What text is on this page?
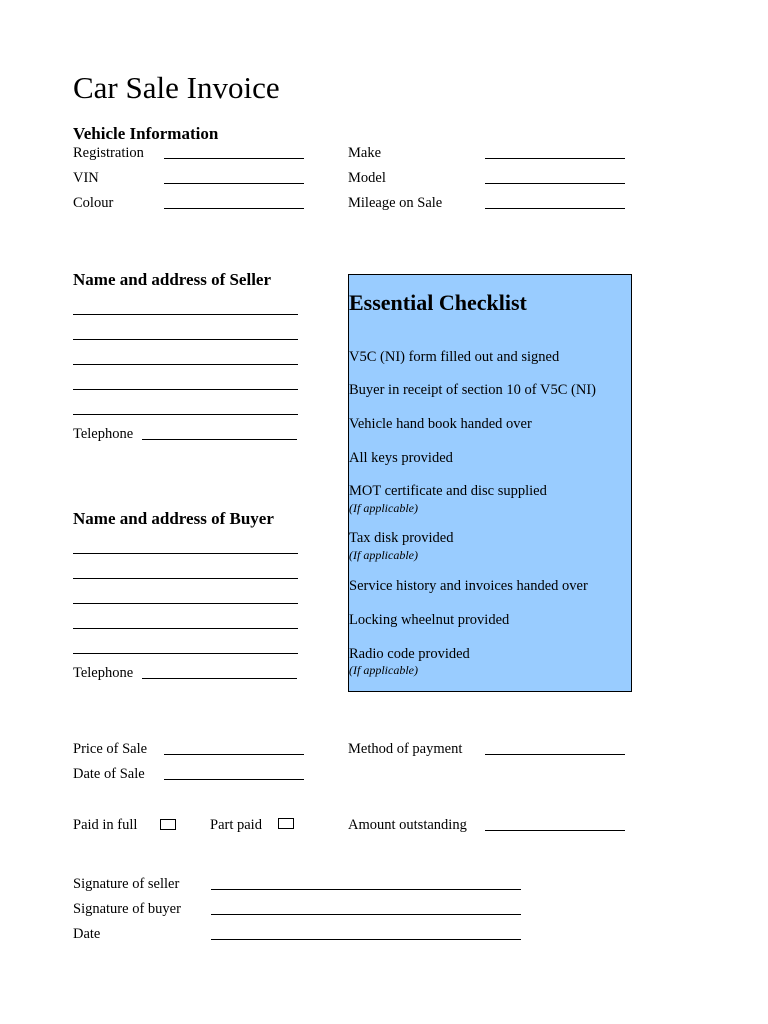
Car Sale Invoice
Vehicle Information
Registration
VIN
Colour
Make
Model
Mileage on Sale
Name and address of Seller
Telephone
Name and address of Buyer
Telephone
Essential Checklist
V5C (NI) form filled out and signed
Buyer in receipt of section 10 of V5C (NI)
Vehicle hand book handed over
All keys provided
MOT certificate and disc supplied
(If applicable)
Tax disk provided
(If applicable)
Service history and invoices handed over
Locking wheelnut provided
Radio code provided
(If applicable)
Price of Sale
Date of Sale
Method of payment
Paid in full	Part paid	Amount outstanding
Signature of seller
Signature of buyer
Date
